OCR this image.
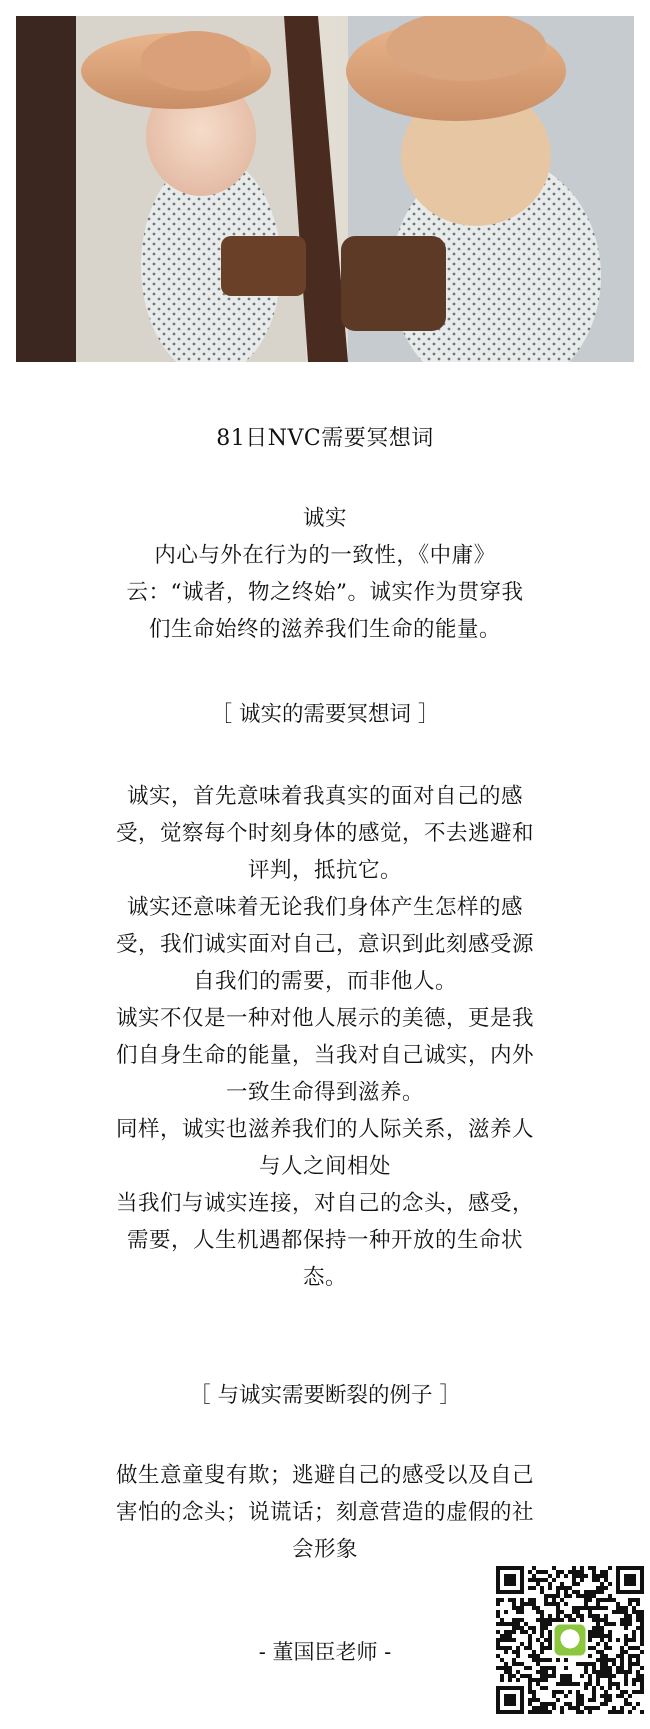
81日NVC需要冥想词

诚实

内心与外在行为的一致性，《中庸》

云：“诚者，物之终始”。诚实作为贯穿我

们生命始终的滋养我们生命的能量。

［ 诚实的需要冥想词 ］

诚实，首先意味着我真实的面对自己的感

受，觉察每个时刻身体的感觉，不去逃避和

评判，抵抗它。

诚实还意味着无论我们身体产生怎样的感

受，我们诚实面对自己，意识到此刻感受源

自我们的需要，而非他人。

诚实不仅是一种对他人展示的美德，更是我

们自身生命的能量，当我对自己诚实，内外

一致生命得到滋养。

同样，诚实也滋养我们的人际关系，滋养人

与人之间相处

当我们与诚实连接，对自己的念头，感受，

需要，人生机遇都保持一种开放的生命状

态。

［ 与诚实需要断裂的例子 ］

做生意童叟有欺；逃避自己的感受以及自己

害怕的念头；说谎话；刻意营造的虚假的社

会形象

- 董国臣老师 -
